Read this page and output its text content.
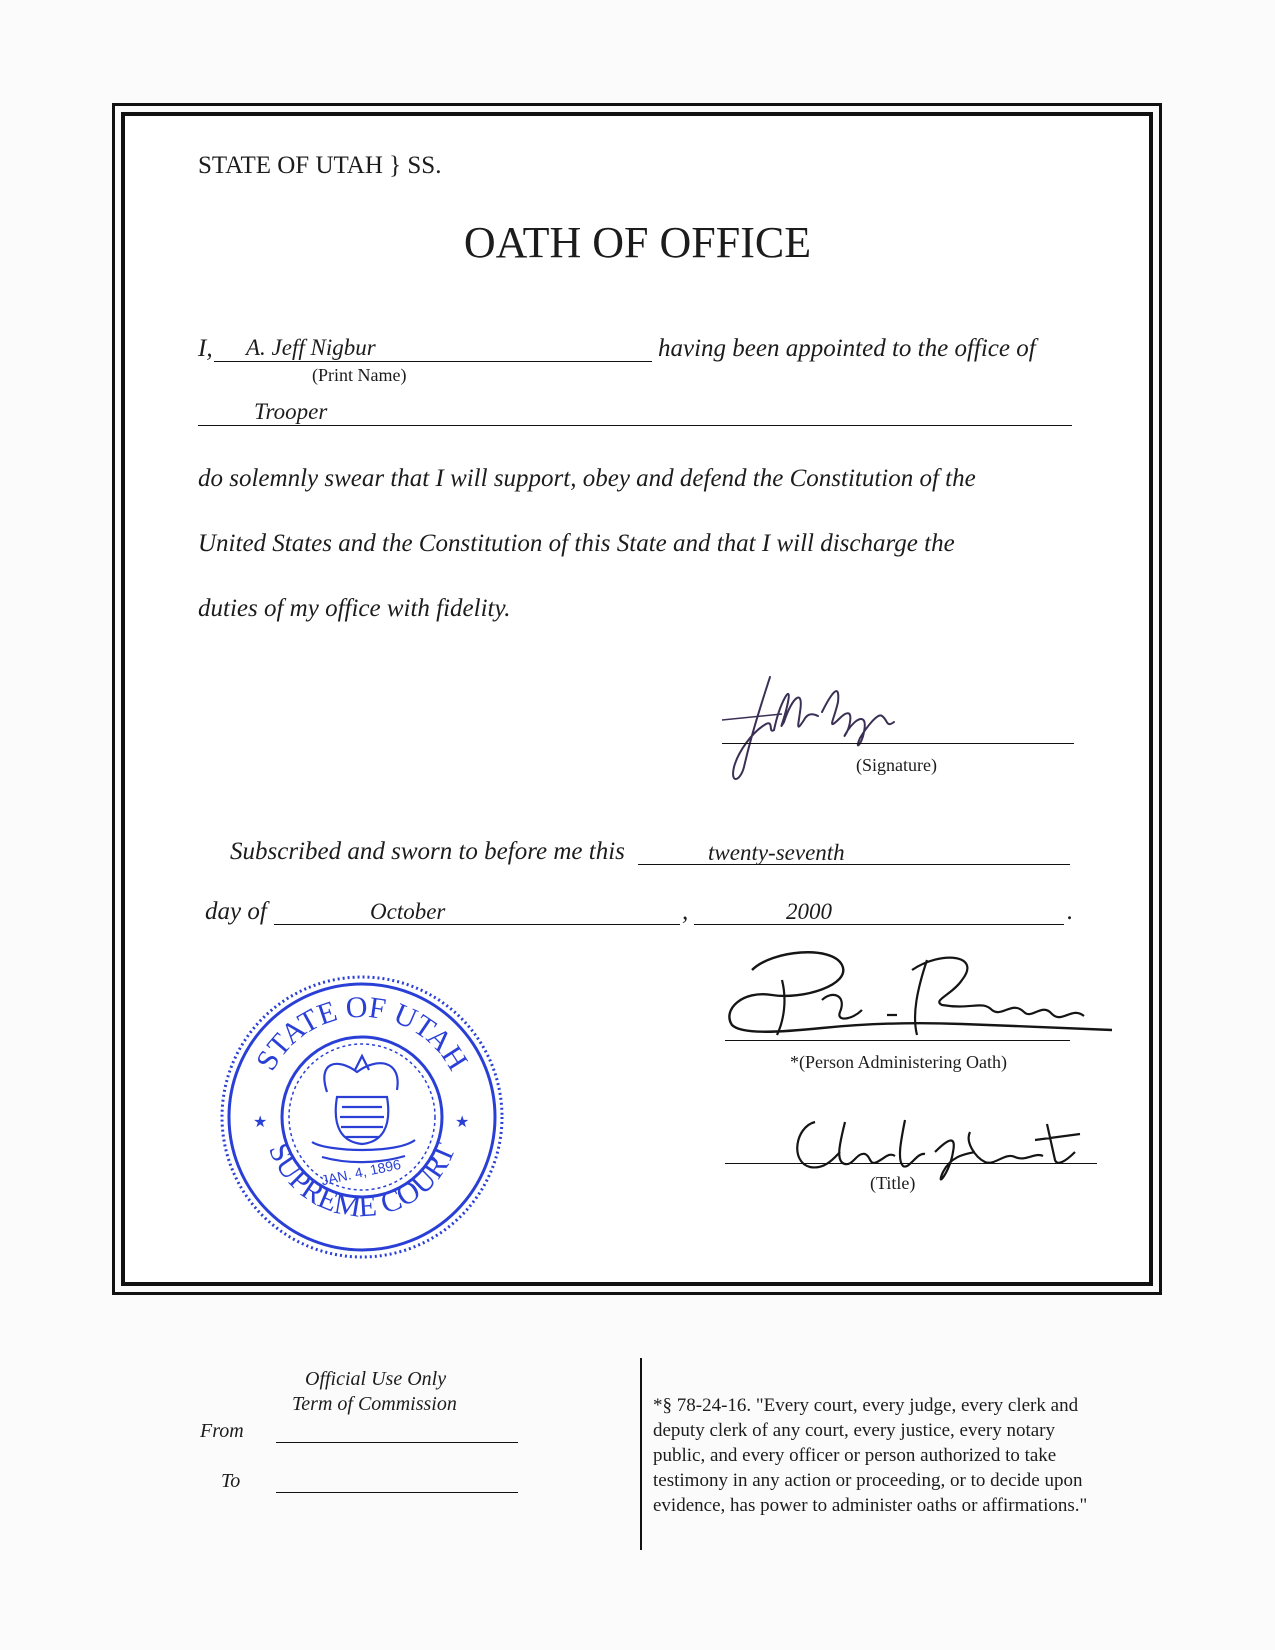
STATE OF UTAH } SS.
OATH OF OFFICE
I, A. Jeff Nigbur
(Print Name)
having been appointed to the office of
Trooper
do solemnly swear that I will support, obey and defend the Constitution of the
United States and the Constitution of this State and that I will discharge the
duties of my office with fidelity.
(Signature)
Subscribed and sworn to before me this	twenty-seventh
day of	October	,	2000	.
*(Person Administering Oath)
(Title)
STATE OF UTAH
SUPREME COURT
★	★
JAN. 4, 1896
Official Use Only
Term of Commission
From
To
*§ 78-24-16. "Every court, every judge, every clerk and
deputy clerk of any court, every justice, every notary
public, and every officer or person authorized to take
testimony in any action or proceeding, or to decide upon
evidence, has power to administer oaths or affirmations."
